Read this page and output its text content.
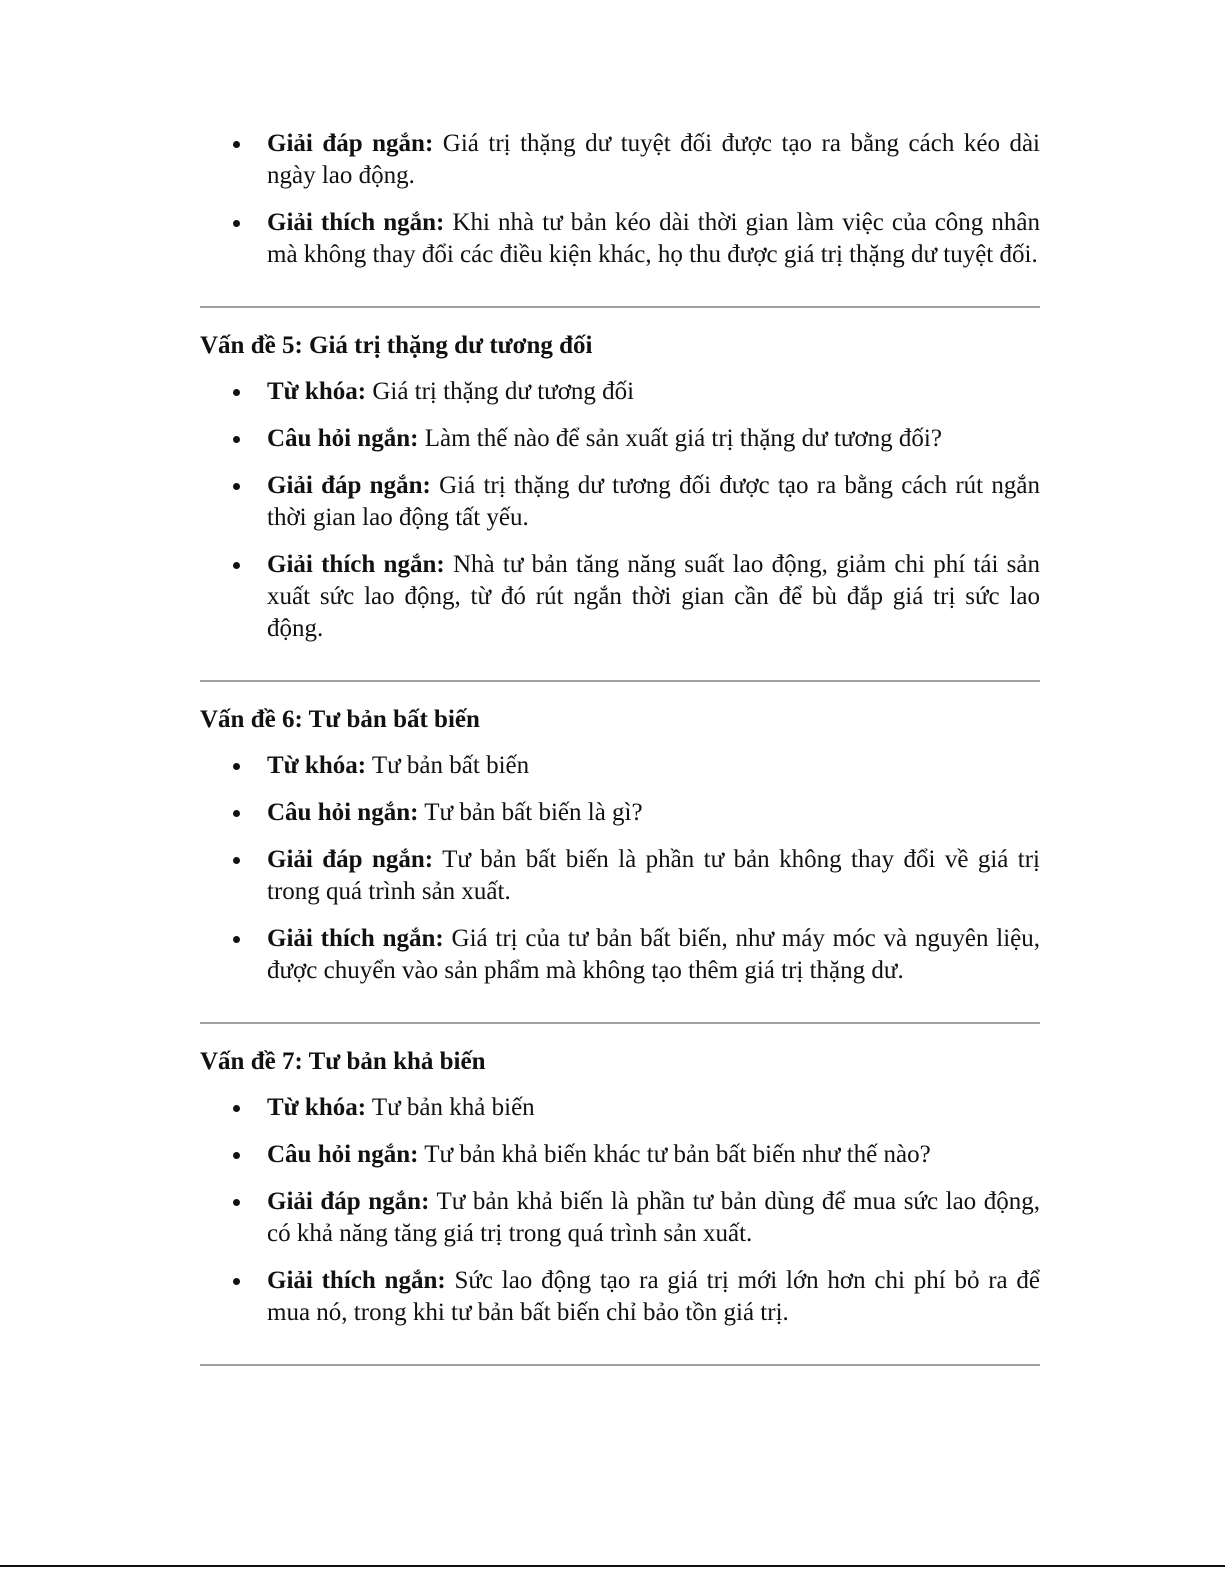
Giải đáp ngắn: Giá trị thặng dư tuyệt đối được tạo ra bằng cách kéo dài ngày lao động.
Giải thích ngắn: Khi nhà tư bản kéo dài thời gian làm việc của công nhân mà không thay đổi các điều kiện khác, họ thu được giá trị thặng dư tuyệt đối.
Vấn đề 5: Giá trị thặng dư tương đối
Từ khóa: Giá trị thặng dư tương đối
Câu hỏi ngắn: Làm thế nào để sản xuất giá trị thặng dư tương đối?
Giải đáp ngắn: Giá trị thặng dư tương đối được tạo ra bằng cách rút ngắn thời gian lao động tất yếu.
Giải thích ngắn: Nhà tư bản tăng năng suất lao động, giảm chi phí tái sản xuất sức lao động, từ đó rút ngắn thời gian cần để bù đắp giá trị sức lao động.
Vấn đề 6: Tư bản bất biến
Từ khóa: Tư bản bất biến
Câu hỏi ngắn: Tư bản bất biến là gì?
Giải đáp ngắn: Tư bản bất biến là phần tư bản không thay đổi về giá trị trong quá trình sản xuất.
Giải thích ngắn: Giá trị của tư bản bất biến, như máy móc và nguyên liệu, được chuyển vào sản phẩm mà không tạo thêm giá trị thặng dư.
Vấn đề 7: Tư bản khả biến
Từ khóa: Tư bản khả biến
Câu hỏi ngắn: Tư bản khả biến khác tư bản bất biến như thế nào?
Giải đáp ngắn: Tư bản khả biến là phần tư bản dùng để mua sức lao động, có khả năng tăng giá trị trong quá trình sản xuất.
Giải thích ngắn: Sức lao động tạo ra giá trị mới lớn hơn chi phí bỏ ra để mua nó, trong khi tư bản bất biến chỉ bảo tồn giá trị.
